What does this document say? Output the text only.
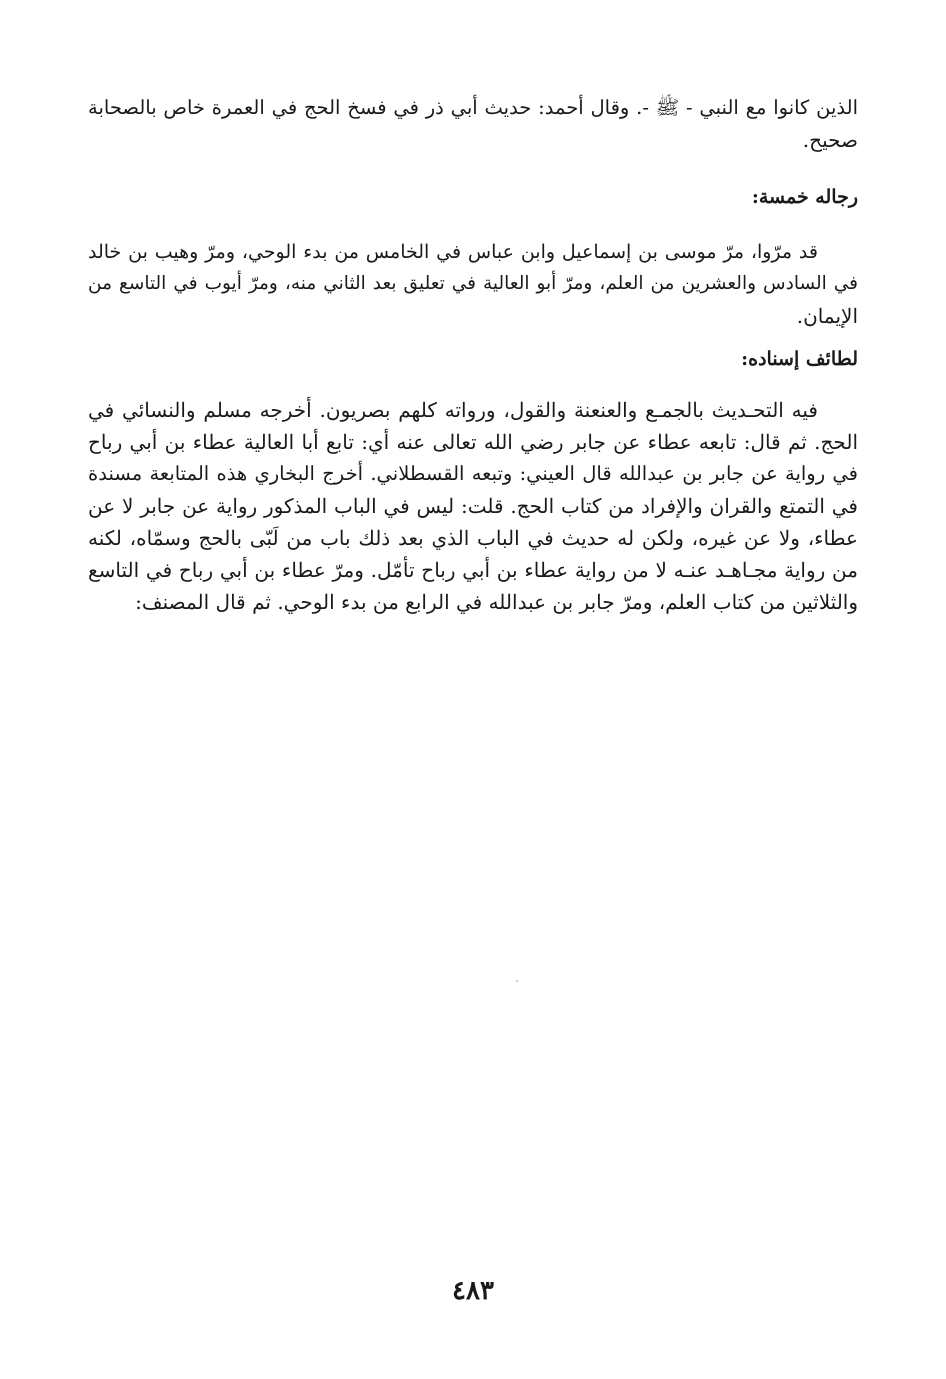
الذين كانوا مع النبي - ﷺ -. وقال أحمد: حديث أبي ذر في فسخ الحج في العمرة خاص بالصحابة
صحيح.
رجاله خمسة:
قد مرّوا، مرّ موسى بن إسماعيل وابن عباس في الخامس من بدء الوحي، ومرّ وهيب بن خالد
في السادس والعشرين من العلم، ومرّ أبو العالية في تعليق بعد الثاني منه، ومرّ أيوب في التاسع من
الإيمان.
لطائف إسناده:
فيه التحـديث بالجمـع والعنعنة والقول، ورواته كلهم بصريون. أخرجه مسلم والنسائي في
الحج. ثم قال: تابعه عطاء عن جابر رضي الله تعالى عنه أي: تابع أبا العالية عطاء بن أبي رباح
في رواية عن جابر بن عبدالله قال العيني: وتبعه القسطلاني. أخرج البخاري هذه المتابعة مسندة
في التمتع والقران والإفراد من كتاب الحج. قلت: ليس في الباب المذكور رواية عن جابر لا عن
عطاء، ولا عن غيره، ولكن له حديث في الباب الذي بعد ذلك باب من لَبّى بالحج وسمّاه، لكنه
من رواية مجـاهـد عنـه لا من رواية عطاء بن أبي رباح تأمّل. ومرّ عطاء بن أبي رباح في التاسع
والثلاثين من كتاب العلم، ومرّ جابر بن عبدالله في الرابع من بدء الوحي. ثم قال المصنف:
٤٨٣
